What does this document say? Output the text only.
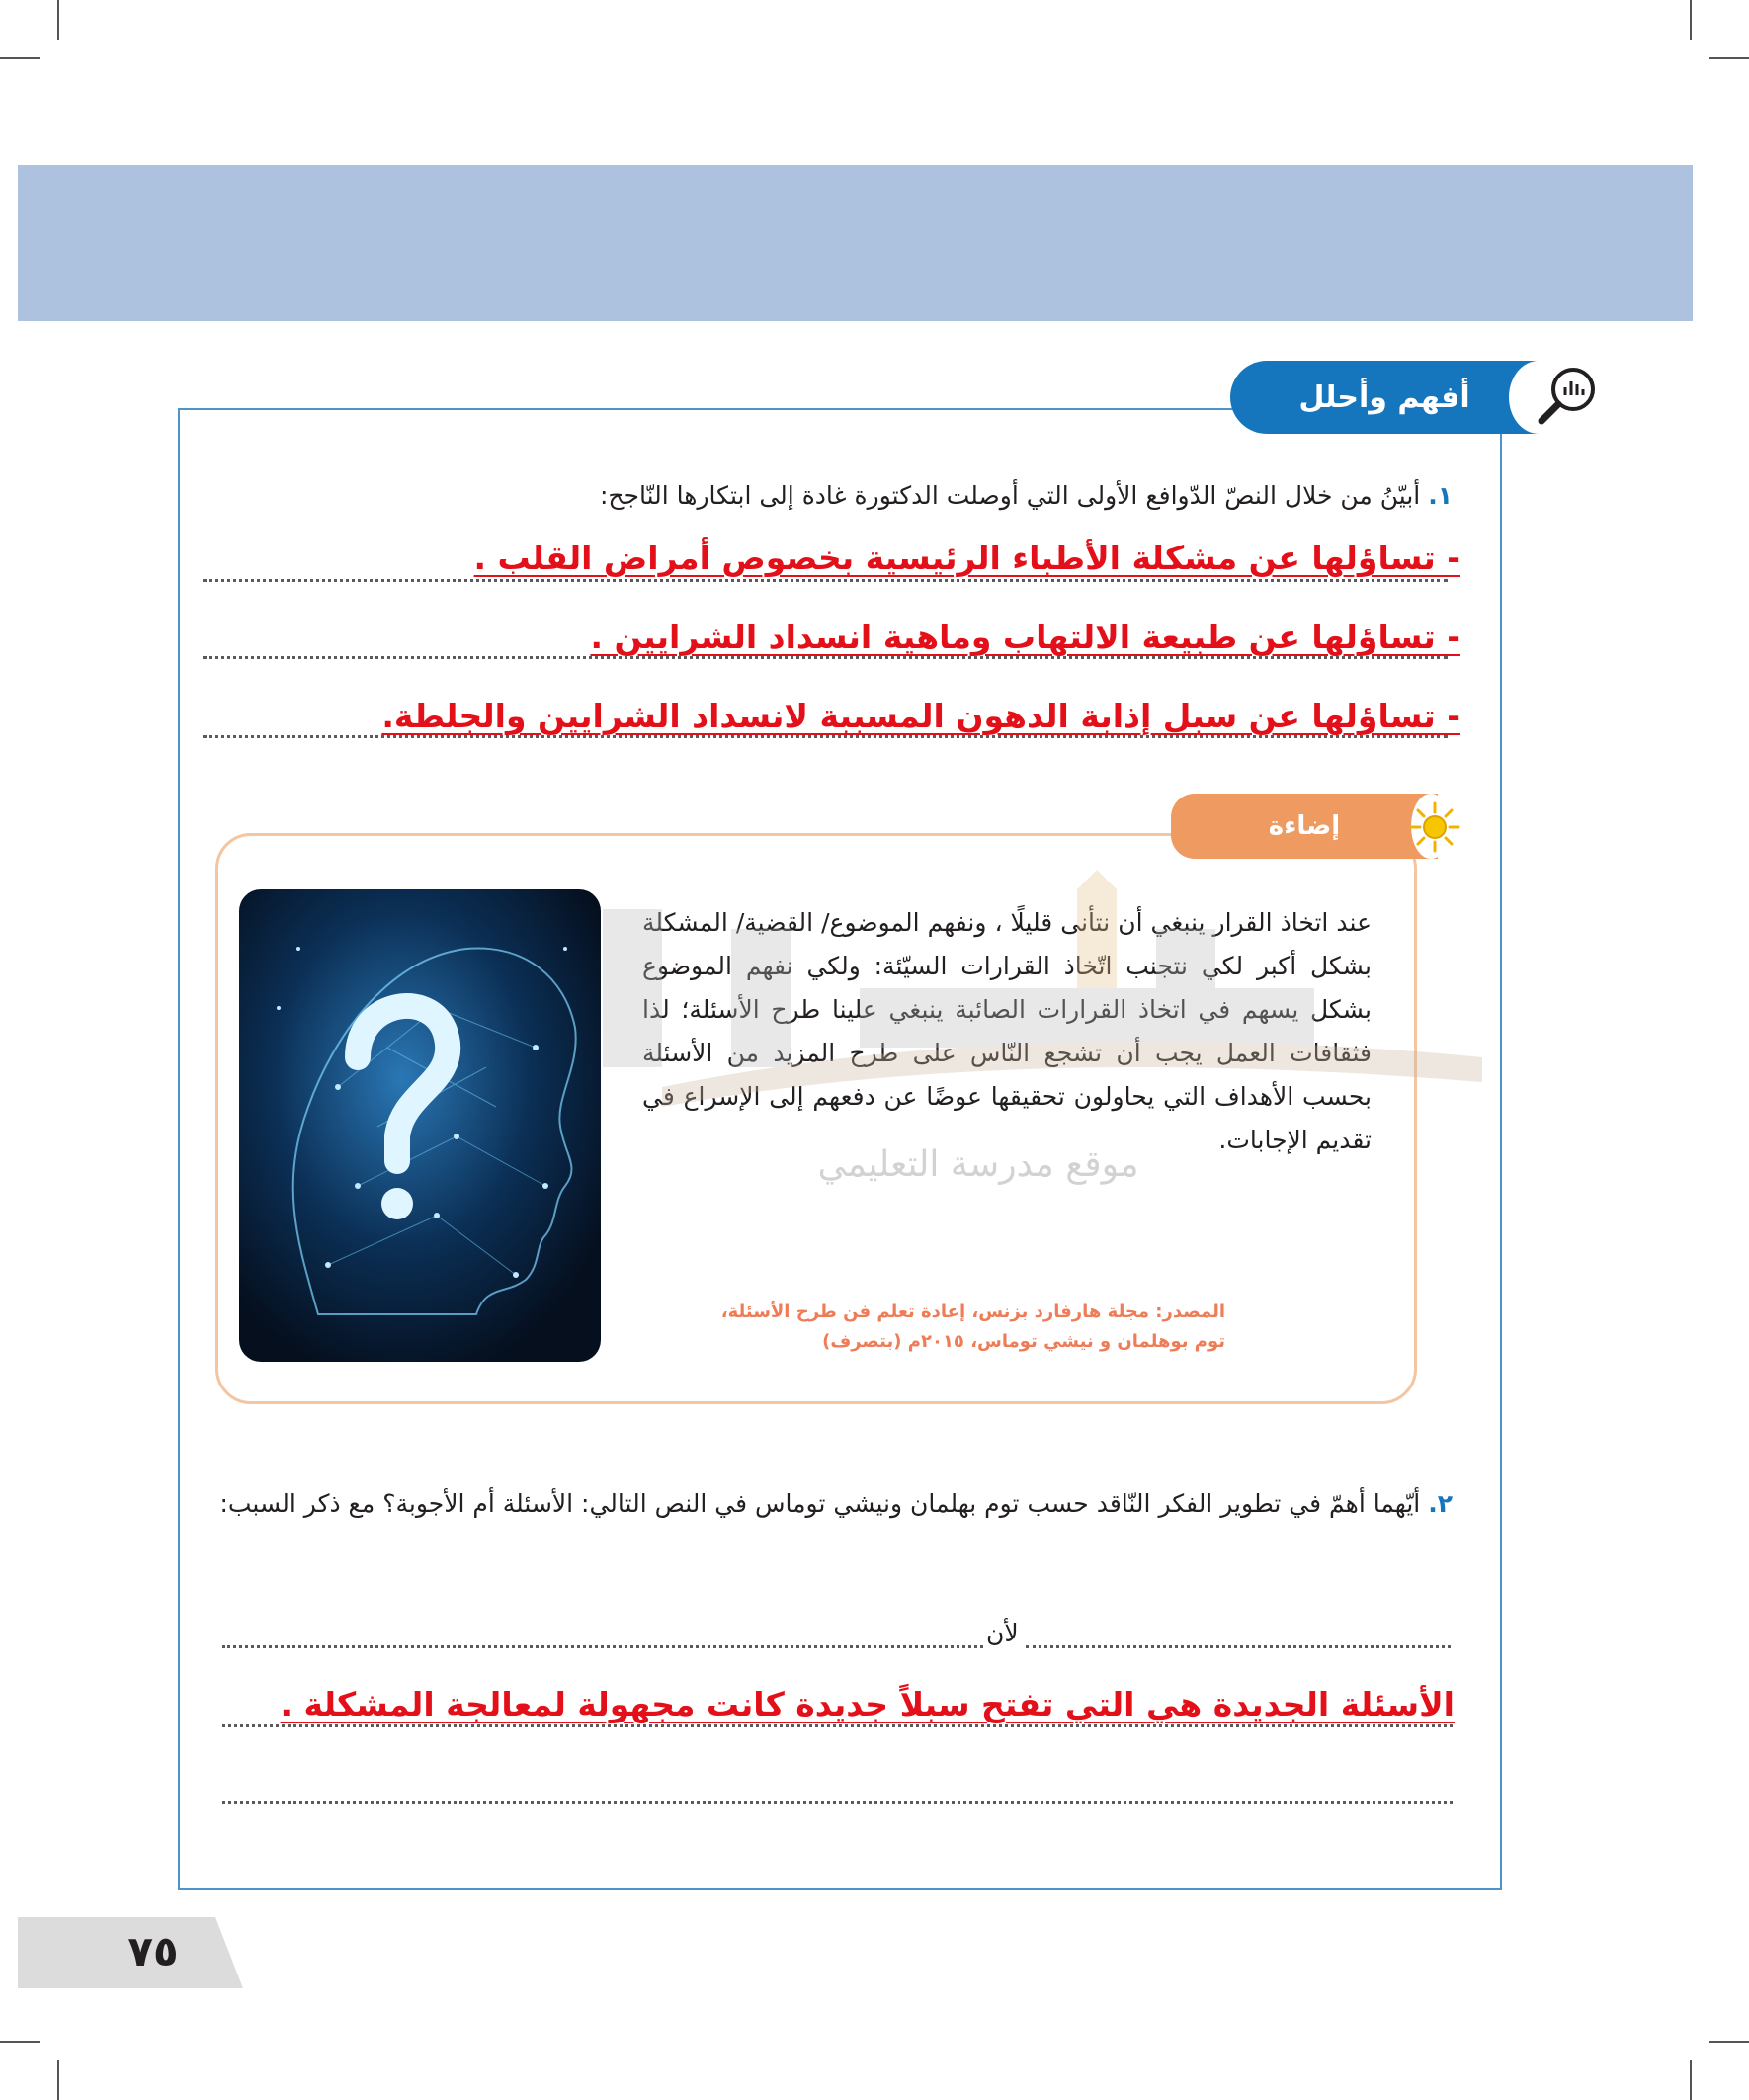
أفهم وأحلل
١.أبيّنُ من خلال النصّ الدّوافع الأولى التي أوصلت الدكتورة غادة إلى ابتكارها النّاجح:
- تساؤلها عن مشكلة الأطباء الرئيسية بخصوص أمراض القلب .
- تساؤلها عن طبيعة الالتهاب وماهية انسداد الشرايين .
- تساؤلها عن سبل إذابة الدهون المسببة لانسداد الشرايين والجلطة.
إضاءة
عند اتخاذ القرار ينبغي أن نتأنى قليلًا ، ونفهم الموضوع/ القضية/ المشكلة بشكل أكبر لكي نتجنب اتّخاذ القرارات السيّئة: ولكي نفهم الموضوع بشكل يسهم في اتخاذ القرارات الصائبة ينبغي علينا طرح الأسئلة؛ لذا فثقافات العمل يجب أن تشجع النّاس على طرح المزيد من الأسئلة بحسب الأهداف التي يحاولون تحقيقها عوضًا عن دفعهم إلى الإسراع في تقديم الإجابات.
المصدر: مجلة هارفارد بزنس، إعادة تعلم فن طرح الأسئلة،
توم بوهلمان و نيشي توماس، ٢٠١٥م (بتصرف)
موقع مدرسة التعليمي
٢.أيّهما أهمّ في تطوير الفكر النّاقد حسب توم بهلمان ونيشي توماس في النص التالي: الأسئلة أم الأجوبة؟ مع ذكر السبب:
لأن
الأسئلة الجديدة هي التي تفتح سبلاً جديدة كانت مجهولة لمعالجة المشكلة .
٧٥
